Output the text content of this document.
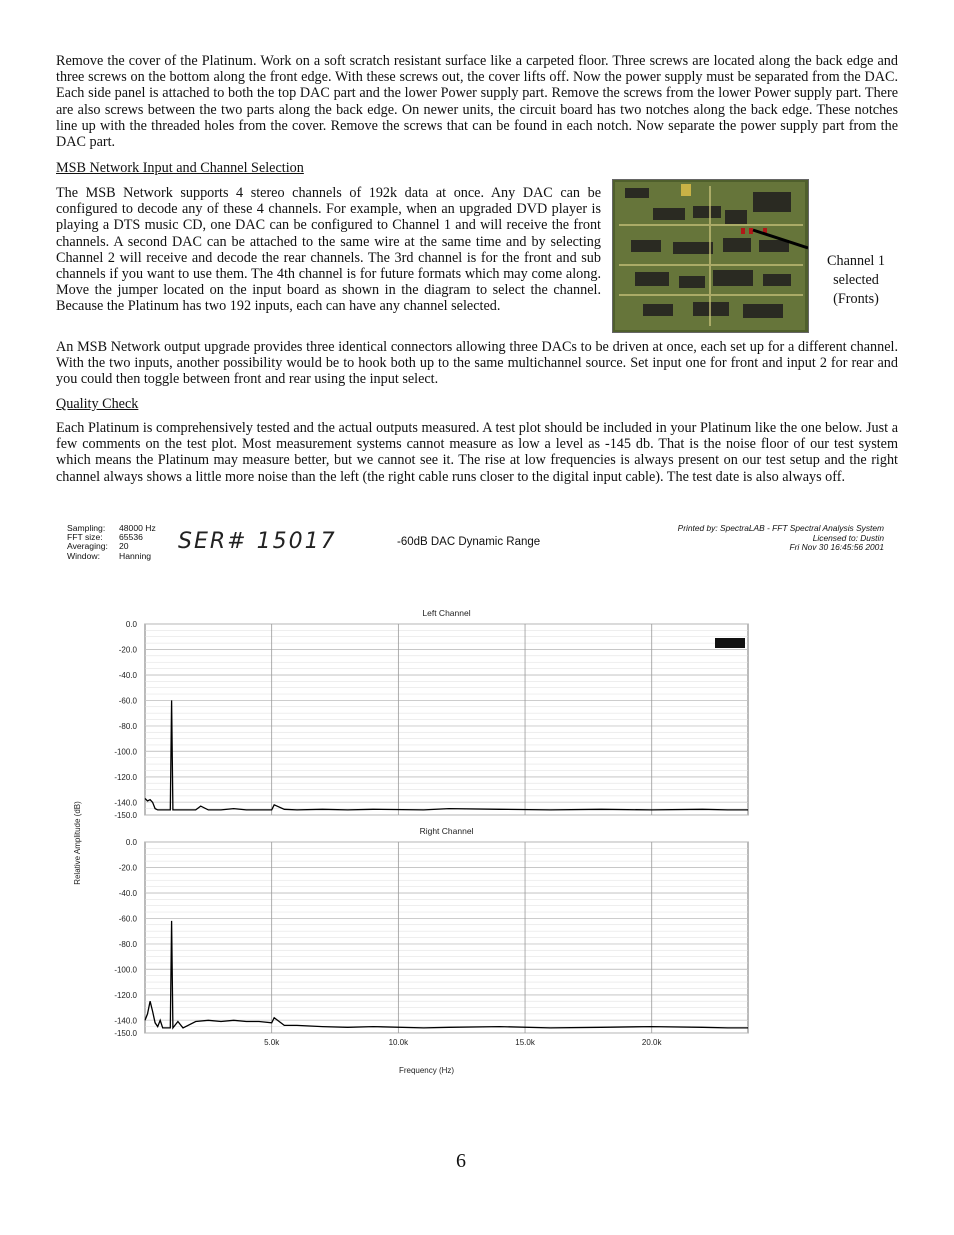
Remove the cover of the Platinum. Work on a soft scratch resistant surface like a carpeted floor. Three screws are located along the back edge and three screws on the bottom along the front edge. With these screws out, the cover lifts off. Now the power supply must be separated from the DAC. Each side panel is attached to both the top DAC part and the lower Power supply part. Remove the screws from the lower Power supply part. There are also screws between the two parts along the back edge. On newer units, the circuit board has two notches along the back edge. These notches line up with the threaded holes from the cover. Remove the screws that can be found in each notch. Now separate the power supply part from the DAC part.

MSB Network Input and Channel Selection

The MSB Network supports 4 stereo channels of 192k data at once. Any DAC can be configured to decode any of these 4 channels. For example, when an upgraded DVD player is playing a DTS music CD, one DAC can be configured to Channel 1 and will receive the front channels. A second DAC can be attached to the same wire at the same time and by selecting Channel 2 will receive and decode the rear channels. The 3rd channel is for the front and sub channels if you want to use them. The 4th channel is for future formats which may come along. Move the jumper located on the input board as shown in the diagram to select the channel. Because the Platinum has two 192 inputs, each can have any channel selected.

Channel 1
selected
(Fronts)

An MSB Network output upgrade provides three identical connectors allowing three DACs to be driven at once, each set up for a different channel. With the two inputs, another possibility would be to hook both up to the same multichannel source. Set input one for front and input 2 for rear and you could then toggle between front and rear using the input select.

Quality Check

Each Platinum is comprehensively tested and the actual outputs measured. A test plot should be included in your Platinum like the one below. Just a few comments on the test plot. Most measurement systems cannot measure as low a level as -145 db. That is the noise floor of our test system which means the Platinum may measure better, but we cannot see it. The rise at low frequencies is always present on our test setup and the right channel always shows a little more noise than the left (the right cable runs closer to the digital input cable). The test date is also always off.

Sampling:	48000 Hz
FFT size:	65536
Averaging:	20
Window:	Hanning
SER# 15017	-60dB DAC Dynamic Range
Printed by: SpectraLAB - FFT Spectral Analysis System
Licensed to: Dustin
Fri Nov 30 16:45:56 2001
0.0
-20.0
-40.0
-60.0
-80.0
-100.0
-120.0
-140.0
-150.0
Left Channel
0.0
-20.0
-40.0
-60.0
-80.0
-100.0
-120.0
-140.0
-150.0
Right Channel
5.0k	10.0k	15.0k	20.0k
Frequency (Hz)
Relative Amplitude (dB)
6
